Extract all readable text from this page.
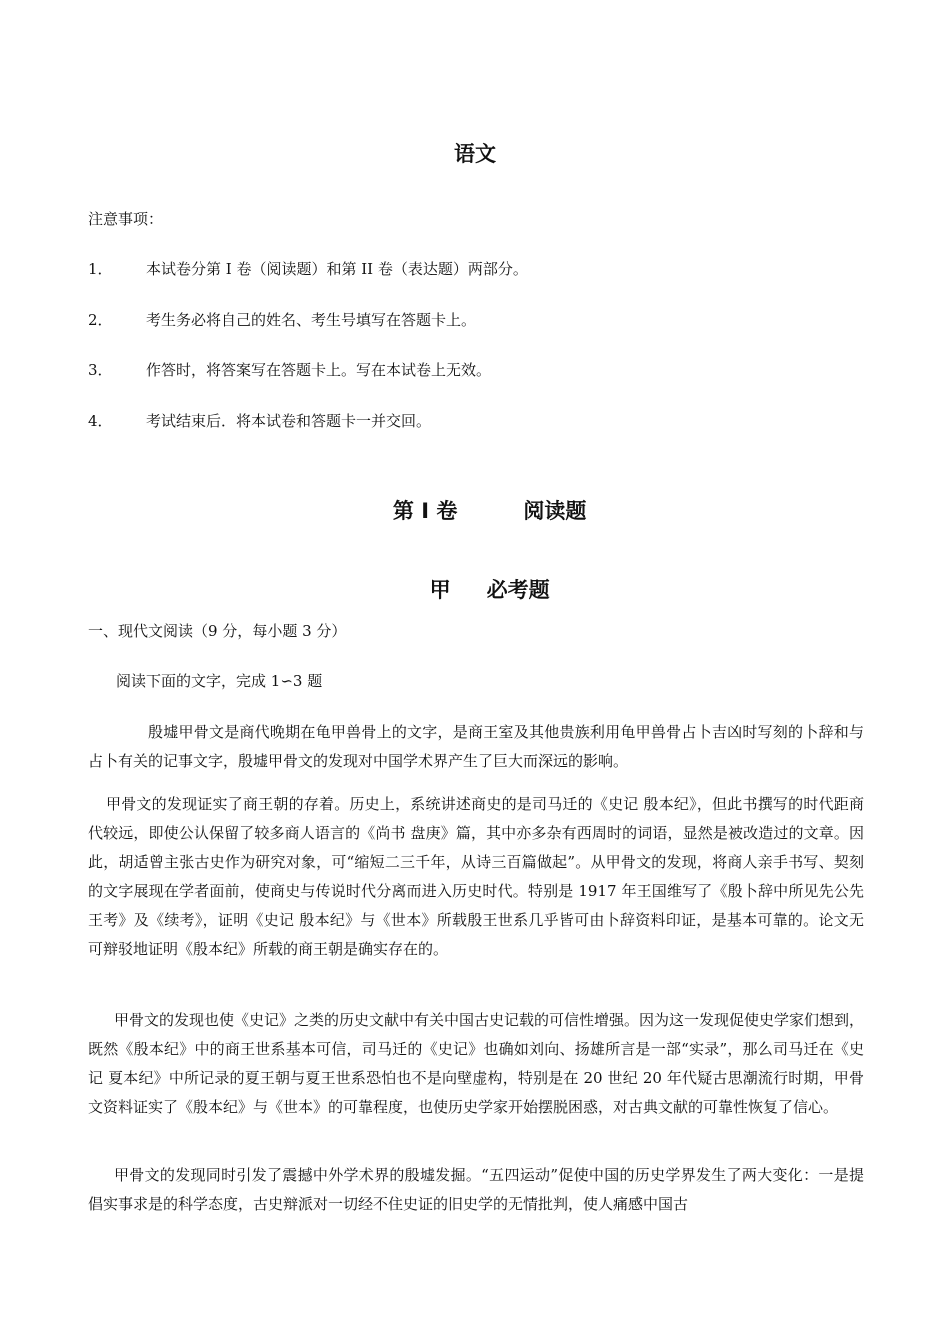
语文
注意事项：
1． 本试卷分第 I 卷（阅读题）和第 II 卷（表达题）两部分。
2． 考生务必将自己的姓名、考生号填写在答题卡上。
3． 作答时，将答案写在答题卡上。写在本试卷上无效。
4． 考试结束后．将本试卷和答题卡一并交回。

第 I 卷	阅读题

甲 必考题

一、现代文阅读（9 分，每小题 3 分）
阅读下面的文字，完成 1∽3 题
殷墟甲骨文是商代晚期在龟甲兽骨上的文字，是商王室及其他贵族利用龟甲兽骨占卜吉凶时写刻的卜辞和与占卜有关的记事文字，殷墟甲骨文的发现对中国学术界产生了巨大而深远的影响。
甲骨文的发现证实了商王朝的存着。历史上，系统讲述商史的是司马迁的《史记 殷本纪》，但此书撰写的时代距商代较远，即使公认保留了较多商人语言的《尚书 盘庚》篇，其中亦多杂有西周时的词语，显然是被改造过的文章。因此，胡适曾主张古史作为研究对象，可“缩短二三千年，从诗三百篇做起”。从甲骨文的发现，将商人亲手书写、契刻的文字展现在学者面前，使商史与传说时代分离而进入历史时代。特别是 1917 年王国维写了《殷卜辞中所见先公先王考》及《续考》，证明《史记 殷本纪》与《世本》所载殷王世系几乎皆可由卜辞资料印证，是基本可靠的。论文无可辩驳地证明《殷本纪》所载的商王朝是确实存在的。
甲骨文的发现也使《史记》之类的历史文献中有关中国古史记载的可信性增强。因为这一发现促使史学家们想到，既然《殷本纪》中的商王世系基本可信，司马迁的《史记》也确如刘向、扬雄所言是一部“实录”，那么司马迁在《史记 夏本纪》中所记录的夏王朝与夏王世系恐怕也不是向壁虚构，特别是在 20 世纪 20 年代疑古思潮流行时期，甲骨文资料证实了《殷本纪》与《世本》的可靠程度，也使历史学家开始摆脱困惑，对古典文献的可靠性恢复了信心。
甲骨文的发现同时引发了震撼中外学术界的殷墟发掘。“五四运动”促使中国的历史学界发生了两大变化：一是提倡实事求是的科学态度，古史辩派对一切经不住史证的旧史学的无情批判，使人痛感中国古
